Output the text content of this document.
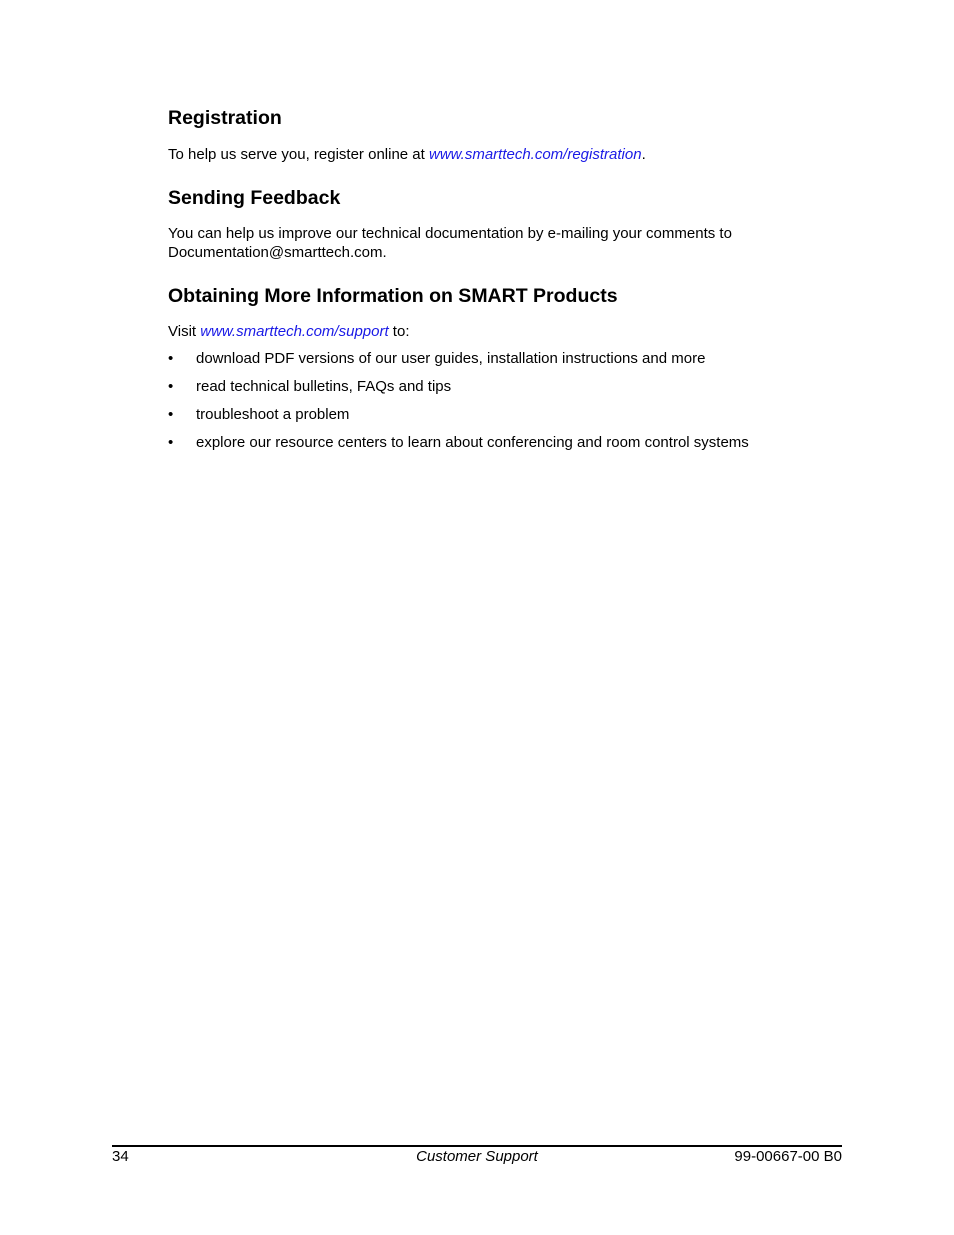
Registration

To help us serve you, register online at www.smarttech.com/registration.

Sending Feedback

You can help us improve our technical documentation by e-mailing your comments to

Documentation@smarttech.com.

Obtaining More Information on SMART Products

Visit www.smarttech.com/support to:

•	download PDF versions of our user guides, installation instructions and more
•	read technical bulletins, FAQs and tips
•	troubleshoot a problem
•	explore our resource centers to learn about conferencing and room control systems
34	Customer Support	99-00667-00 B0
